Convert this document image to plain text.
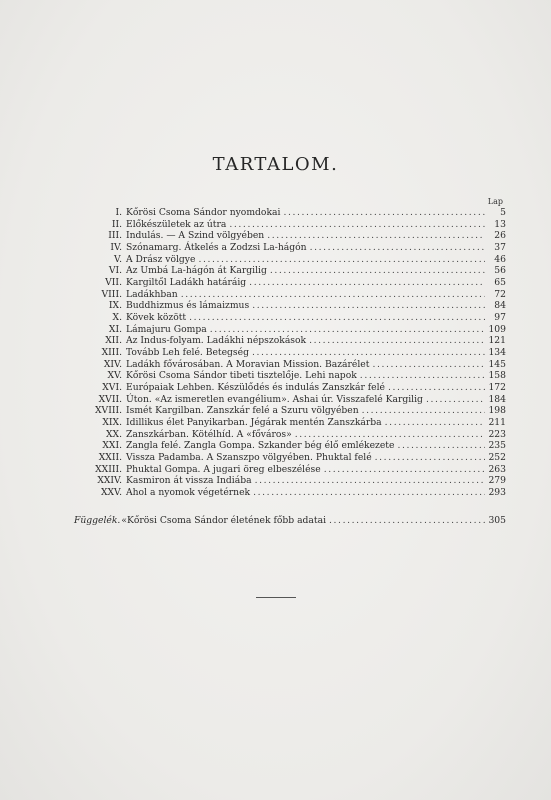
TARTALOM.
Lap
I. Kőrösi Csoma Sándor nyomdokai .....	5
II. Előkészületek az útra .....	13
III. Indulás. — A Szind völgyében .....	26
IV. Szónamarg. Átkelés a Zodzsi La-hágón .....	37
V. A Drász völgye .....	46
VI. Az Umbá La-hágón át Kargilig .....	56
VII. Kargiltől Ladákh határáig .....	65
VIII. Ladákhban .....	72
IX. Buddhizmus és lámaizmus .....	84
X. Kövek között .....	97
XI. Lámajuru Gompa .....	109
XII. Az Indus-folyam. Ladákhi népszokások .....	121
XIII. Tovább Leh felé. Betegség .....	134
XIV. Ladákh fővárosában. A Moravian Mission. Bazárélet .....	145
XV. Kőrösi Csoma Sándor tibeti tisztelője. Lehi napok .....	158
XVI. Európaiak Lehben. Készülődés és indulás Zanszkár felé .....	172
XVII. Úton. «Az ismeretlen evangélium». Ashai úr. Visszafelé Kargilig .....	184
XVIII. Ismét Kargilban. Zanszkár felé a Szuru völgyében .....	198
XIX. Idillikus élet Panyikarban. Jégárak mentén Zanszkárba .....	211
XX. Zanszkárban. Kötélhíd. A «főváros» .....	223
XXI. Zangla felé. Zangla Gompa. Szkander bég élő emlékezete .....	235
XXII. Vissza Padamba. A Szanszpo völgyében. Phuktal felé .....	252
XXIII. Phuktal Gompa. A jugari öreg elbeszélése .....	263
XXIV. Kasmiron át vissza Indiába .....	279
XXV. Ahol a nyomok végetérnek .....	293
Függelék. «Kőrösi Csoma Sándor életének főbb adatai .....	305
